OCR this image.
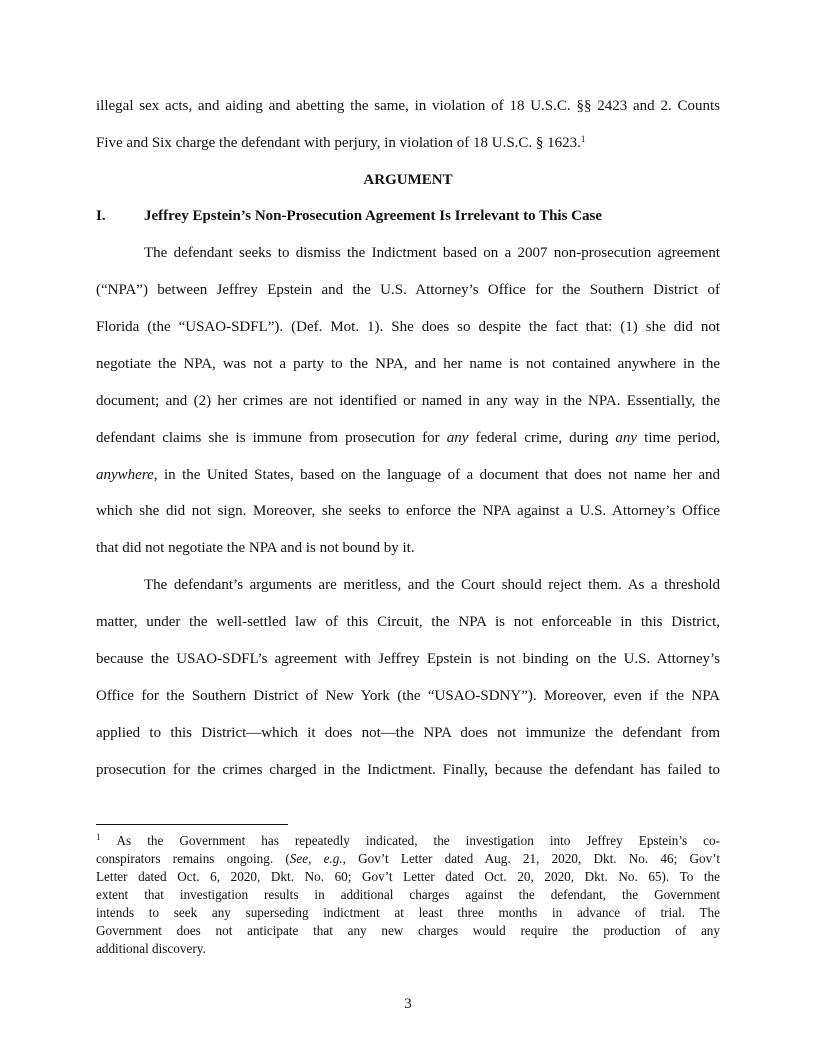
illegal sex acts, and aiding and abetting the same, in violation of 18 U.S.C. §§ 2423 and 2. Counts
Five and Six charge the defendant with perjury, in violation of 18 U.S.C. § 1623.$^1$
ARGUMENT
I.	Jeffrey Epstein’s Non-Prosecution Agreement Is Irrelevant to This Case
The defendant seeks to dismiss the Indictment based on a 2007 non-prosecution agreement
(“NPA”) between Jeffrey Epstein and the U.S. Attorney’s Office for the Southern District of
Florida (the “USAO-SDFL”). (Def. Mot. 1). She does so despite the fact that: (1) she did not
negotiate the NPA, was not a party to the NPA, and her name is not contained anywhere in the
document; and (2) her crimes are not identified or named in any way in the NPA. Essentially, the
defendant claims she is immune from prosecution for any federal crime, during any time period,
anywhere, in the United States, based on the language of a document that does not name her and
which she did not sign. Moreover, she seeks to enforce the NPA against a U.S. Attorney’s Office
that did not negotiate the NPA and is not bound by it.
The defendant’s arguments are meritless, and the Court should reject them. As a threshold
matter, under the well-settled law of this Circuit, the NPA is not enforceable in this District,
because the USAO-SDFL’s agreement with Jeffrey Epstein is not binding on the U.S. Attorney’s
Office for the Southern District of New York (the “USAO-SDNY”). Moreover, even if the NPA
applied to this District—which it does not—the NPA does not immunize the defendant from
prosecution for the crimes charged in the Indictment. Finally, because the defendant has failed to
$^1$ As the Government has repeatedly indicated, the investigation into Jeffrey Epstein’s co-
conspirators remains ongoing. (See, e.g., Gov’t Letter dated Aug. 21, 2020, Dkt. No. 46; Gov’t
Letter dated Oct. 6, 2020, Dkt. No. 60; Gov’t Letter dated Oct. 20, 2020, Dkt. No. 65). To the
extent that investigation results in additional charges against the defendant, the Government
intends to seek any superseding indictment at least three months in advance of trial. The
Government does not anticipate that any new charges would require the production of any
additional discovery.
3
